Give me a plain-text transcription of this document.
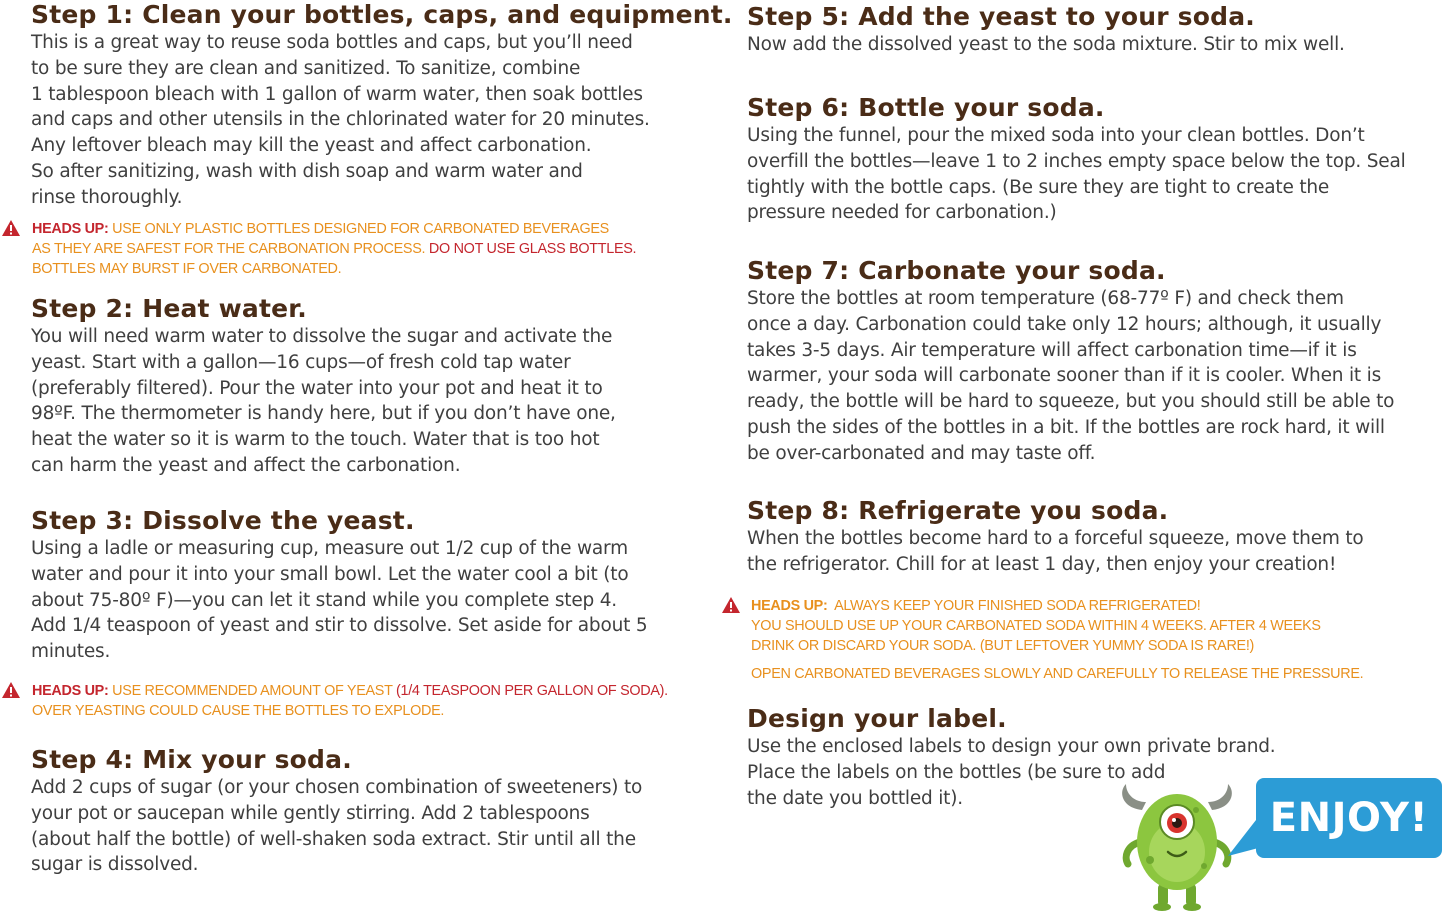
Step 1: Clean your bottles, caps, and equipment.

This is a great way to reuse soda bottles and caps, but you’ll need
to be sure they are clean and sanitized. To sanitize, combine
1 tablespoon bleach with 1 gallon of warm water, then soak bottles
and caps and other utensils in the chlorinated water for 20 minutes.
Any leftover bleach may kill the yeast and affect carbonation.
So after sanitizing, wash with dish soap and warm water and
rinse thoroughly.

HEADS UP: USE ONLY PLASTIC BOTTLES DESIGNED FOR CARBONATED BEVERAGES
AS THEY ARE SAFEST FOR THE CARBONATION PROCESS. DO NOT USE GLASS BOTTLES.
BOTTLES MAY BURST IF OVER CARBONATED.
Step 2: Heat water.

You will need warm water to dissolve the sugar and activate the
yeast. Start with a gallon—16 cups—of fresh cold tap water
(preferably filtered). Pour the water into your pot and heat it to
98ºF. The thermometer is handy here, but if you don’t have one,
heat the water so it is warm to the touch. Water that is too hot
can harm the yeast and affect the carbonation.

Step 3: Dissolve the yeast.

Using a ladle or measuring cup, measure out 1/2 cup of the warm
water and pour it into your small bowl. Let the water cool a bit (to
about 75-80º F)—you can let it stand while you complete step 4.
Add 1/4 teaspoon of yeast and stir to dissolve. Set aside for about 5
minutes.

HEADS UP: USE RECOMMENDED AMOUNT OF YEAST (1/4 TEASPOON PER GALLON OF SODA).
OVER YEASTING COULD CAUSE THE BOTTLES TO EXPLODE.
Step 4: Mix your soda.

Add 2 cups of sugar (or your chosen combination of sweeteners) to
your pot or saucepan while gently stirring. Add 2 tablespoons
(about half the bottle) of well-shaken soda extract. Stir until all the
sugar is dissolved.

Step 5: Add the yeast to your soda.

Now add the dissolved yeast to the soda mixture. Stir to mix well.

Step 6: Bottle your soda.

Using the funnel, pour the mixed soda into your clean bottles. Don’t
overfill the bottles—leave 1 to 2 inches empty space below the top. Seal
tightly with the bottle caps. (Be sure they are tight to create the
pressure needed for carbonation.)

Step 7: Carbonate your soda.

Store the bottles at room temperature (68-77º F) and check them
once a day. Carbonation could take only 12 hours; although, it usually
takes 3-5 days. Air temperature will affect carbonation time—if it is
warmer, your soda will carbonate sooner than if it is cooler. When it is
ready, the bottle will be hard to squeeze, but you should still be able to
push the sides of the bottles in a bit. If the bottles are rock hard, it will
be over-carbonated and may taste off.

Step 8: Refrigerate you soda.

When the bottles become hard to a forceful squeeze, move them to
the refrigerator. Chill for at least 1 day, then enjoy your creation!

HEADS UP: ALWAYS KEEP YOUR FINISHED SODA REFRIGERATED!
YOU SHOULD USE UP YOUR CARBONATED SODA WITHIN 4 WEEKS. AFTER 4 WEEKS
DRINK OR DISCARD YOUR SODA. (BUT LEFTOVER YUMMY SODA IS RARE!)
OPEN CARBONATED BEVERAGES SLOWLY AND CAREFULLY TO RELEASE THE PRESSURE.
Design your label.

Use the enclosed labels to design your own private brand.
Place the labels on the bottles (be sure to add
the date you bottled it).	ENJOY!
